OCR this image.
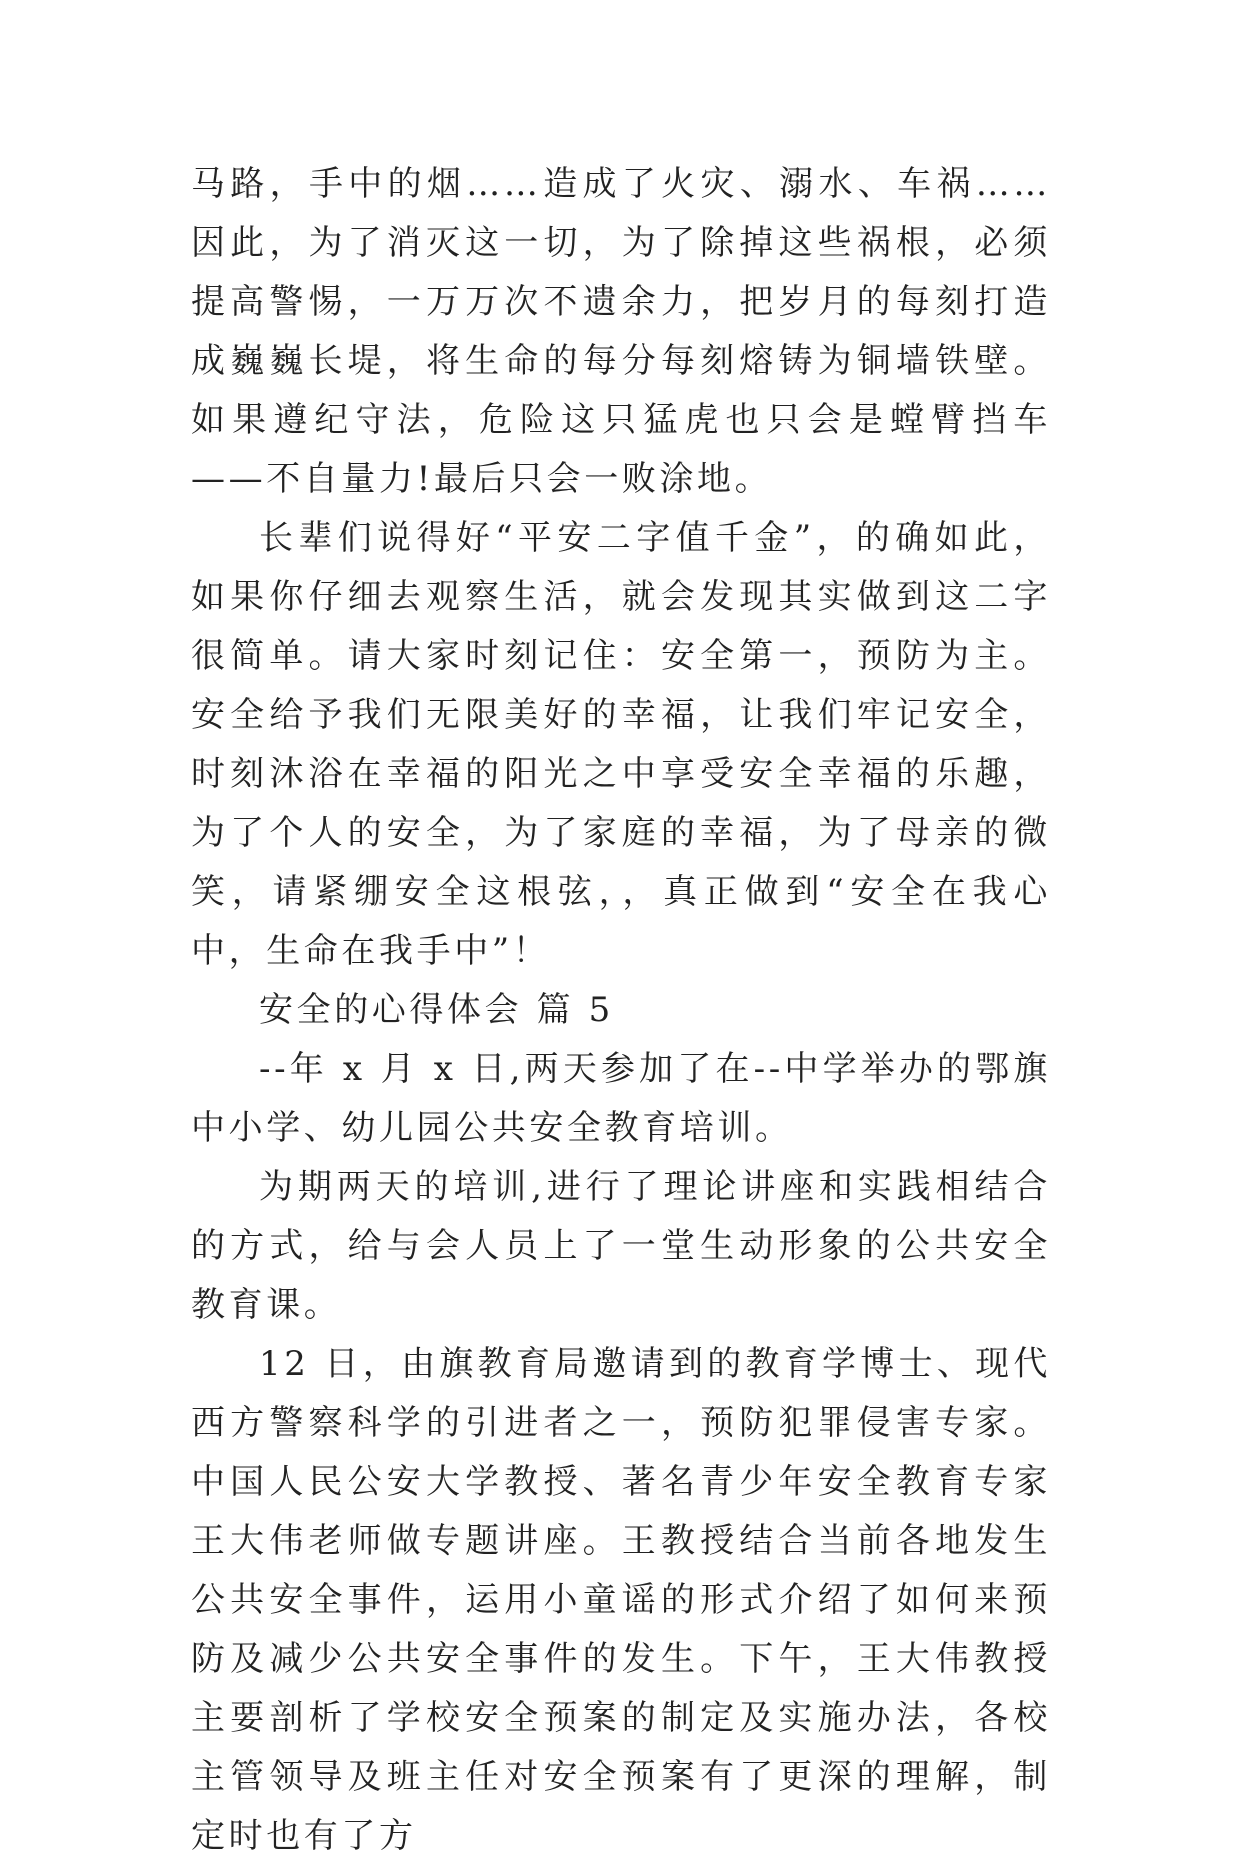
马路，手中的烟……造成了火灾、溺水、车祸……因此，为了消灭这一切，为了除掉这些祸根，必须提高警惕，一万万次不遗余力，把岁月的每刻打造成巍巍长堤，将生命的每分每刻熔铸为铜墙铁壁。如果遵纪守法，危险这只猛虎也只会是螳臂挡车——不自量力!最后只会一败涂地。

长辈们说得好“平安二字值千金”，的确如此，如果你仔细去观察生活，就会发现其实做到这二字很简单。请大家时刻记住：安全第一，预防为主。安全给予我们无限美好的幸福，让我们牢记安全，时刻沐浴在幸福的阳光之中享受安全幸福的乐趣，为了个人的安全，为了家庭的幸福，为了母亲的微笑，请紧绷安全这根弦，，真正做到“安全在我心中，生命在我手中”！

安全的心得体会 篇 5

--年 x 月 x 日,两天参加了在--中学举办的鄂旗中小学、幼儿园公共安全教育培训。

为期两天的培训,进行了理论讲座和实践相结合的方式，给与会人员上了一堂生动形象的公共安全教育课。

12 日，由旗教育局邀请到的教育学博士、现代西方警察科学的引进者之一，预防犯罪侵害专家。中国人民公安大学教授、著名青少年安全教育专家王大伟老师做专题讲座。王教授结合当前各地发生公共安全事件，运用小童谣的形式介绍了如何来预防及减少公共安全事件的发生。下午，王大伟教授主要剖析了学校安全预案的制定及实施办法，各校主管领导及班主任对安全预案有了更深的理解，制定时也有了方
